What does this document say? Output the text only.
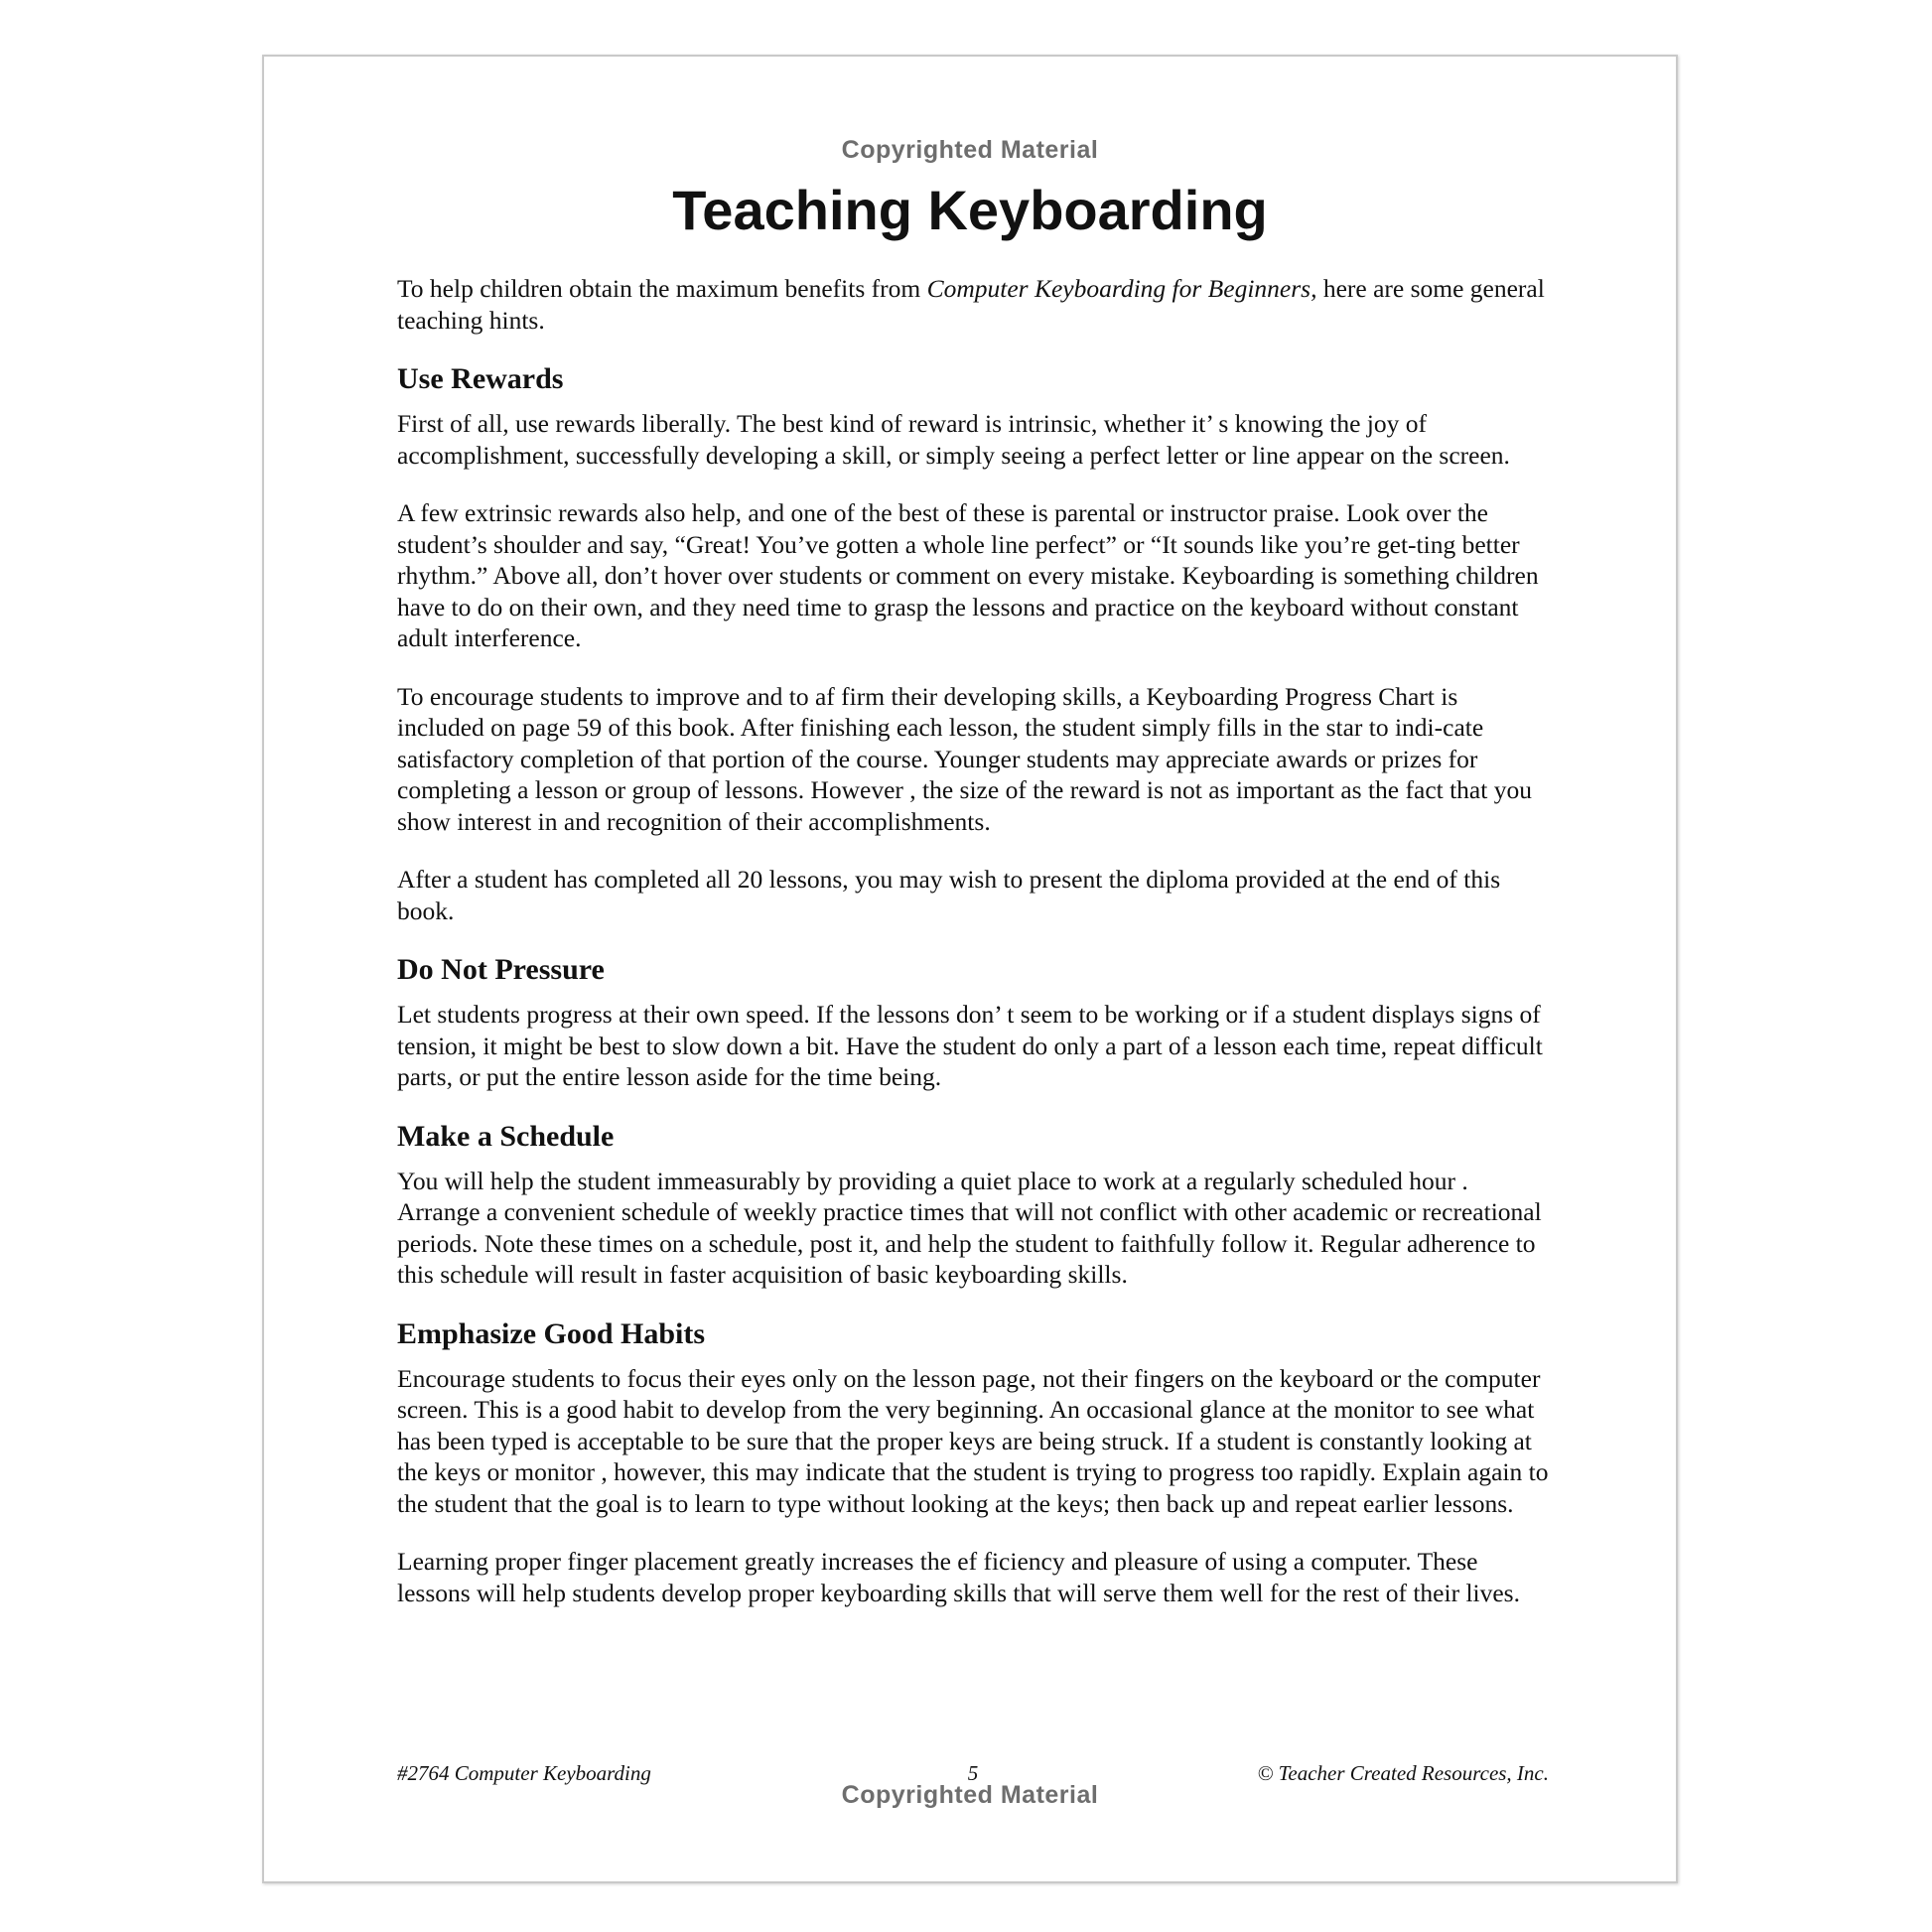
Copyrighted Material
Teaching Keyboarding

To help children obtain the maximum benefits from Computer Keyboarding for Beginners, here are some general teaching hints.

Use Rewards

First of all, use rewards liberally. The best kind of reward is intrinsic, whether it’ s knowing the joy of accomplishment, successfully developing a skill, or simply seeing a perfect letter or line appear on the screen.

A few extrinsic rewards also help, and one of the best of these is parental or instructor praise. Look over the student’s shoulder and say, “Great! You’ve gotten a whole line perfect” or “It sounds like you’re get-ting better rhythm.” Above all, don’t hover over students or comment on every mistake. Keyboarding is something children have to do on their own, and they need time to grasp the lessons and practice on the keyboard without constant adult interference.

To encourage students to improve and to af firm their developing skills, a Keyboarding Progress Chart is included on page 59 of this book. After finishing each lesson, the student simply fills in the star to indi-cate satisfactory completion of that portion of the course. Younger students may appreciate awards or prizes for completing a lesson or group of lessons. However , the size of the reward is not as important as the fact that you show interest in and recognition of their accomplishments.

After a student has completed all 20 lessons, you may wish to present the diploma provided at the end of this book.

Do Not Pressure

Let students progress at their own speed. If the lessons don’ t seem to be working or if a student displays signs of tension, it might be best to slow down a bit. Have the student do only a part of a lesson each time, repeat difficult parts, or put the entire lesson aside for the time being.

Make a Schedule

You will help the student immeasurably by providing a quiet place to work at a regularly scheduled hour . Arrange a convenient schedule of weekly practice times that will not conflict with other academic or recreational periods. Note these times on a schedule, post it, and help the student to faithfully follow it. Regular adherence to this schedule will result in faster acquisition of basic keyboarding skills.

Emphasize Good Habits

Encourage students to focus their eyes only on the lesson page, not their fingers on the keyboard or the computer screen. This is a good habit to develop from the very beginning. An occasional glance at the monitor to see what has been typed is acceptable to be sure that the proper keys are being struck. If a student is constantly looking at the keys or monitor , however, this may indicate that the student is trying to progress too rapidly. Explain again to the student that the goal is to learn to type without looking at the keys; then back up and repeat earlier lessons.

Learning proper finger placement greatly increases the ef ficiency and pleasure of using a computer. These lessons will help students develop proper keyboarding skills that will serve them well for the rest of their lives.

#2764 Computer Keyboarding	5	© Teacher Created Resources, Inc.
Copyrighted Material
